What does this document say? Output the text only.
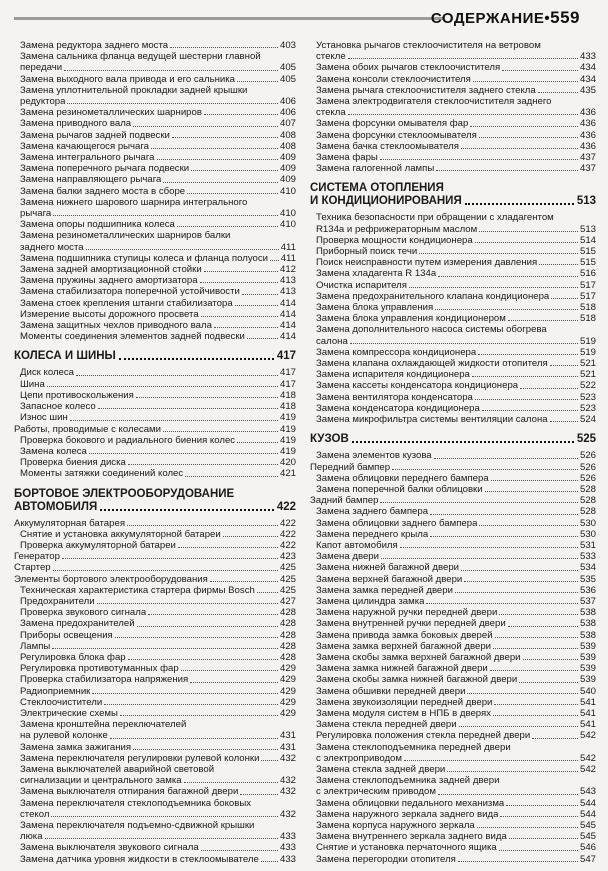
СОДЕРЖАНИЕ•559
Замена редуктора заднего моста	403
Замена сальника фланца ведущей шестерни главной
передачи	405
Замена выходного вала привода и его сальника	405
Замена уплотнительной прокладки задней крышки
редуктора	406
Замена резинометаллических шарниров	406
Замена приводного вала	407
Замена рычагов задней подвески	408
Замена качающегося рычага	408
Замена интегрального рычага	409
Замена поперечного рычага подвески	409
Замена направляющего рычага	409
Замена балки заднего моста в сборе	410
Замена нижнего шарового шарнира интегрального
рычага	410
Замена опоры подшипника колеса	410
Замена резинометаллических шарниров балки
заднего моста	411
Замена подшипника ступицы колеса и фланца полуоси 411
Замена задней амортизационной стойки	412
Замена пружины заднего амортизатора	413
Замена стабилизатора поперечной устойчивости	413
Замена стоек крепления штанги стабилизатора	414
Измерение высоты дорожного просвета	414
Замена защитных чехлов приводного вала	414
Моменты соединения элементов задней подвески	414
КОЛЕСА И ШИНЫ	417
Диск колеса	417
Шина	417
Цепи противоскольжения	418
Запасное колесо	418
Износ шин	419
Работы, проводимые с колесами	419
Проверка бокового и радиального биения колес	419
Замена колеса	419
Проверка биения диска	420
Моменты затяжки соединений колес	421
БОРТОВОЕ ЭЛЕКТРООБОРУДОВАНИЕ
АВТОМОБИЛЯ	422
Аккумуляторная батарея	422
Снятие и установка аккумуляторной батареи	422
Проверка аккумуляторной батареи	422
Генератор	423
Стартер	425
Элементы бортового электрооборудования	425
Техническая характеристика стартера фирмы Bosch	425
Предохранители	427
Проверка звукового сигнала	428
Замена предохранителей	428
Приборы освещения	428
Лампы	428
Регулировка блока фар	428
Регулировка противотуманных фар	429
Проверка стабилизатора напряжения	429
Радиоприемник	429
Стеклоочистители	429
Электрические схемы	429
Замена кронштейна переключателей
на рулевой колонке	431
Замена замка зажигания	431
Замена переключателя регулировки рулевой колонки 432
Замена выключателей аварийной световой
сигнализации и центрального замка	432
Замена выключателя отпирания багажной двери	432
Замена переключателя стеклоподъемника боковых
стекол	432
Замена переключателя подъемно-сдвижной крышки
люка	433
Замена выключателя звукового сигнала	433
Замена датчика уровня жидкости в стеклоомывателе 433
Установка рычагов стеклоочистителя на ветровом
стекле	433
Замена обоих рычагов стеклоочистителя	434
Замена консоли стеклоочистителя	434
Замена рычага стеклоочистителя заднего стекла	435
Замена электродвигателя стеклоочистителя заднего
стекла	436
Замена форсунки омывателя фар	436
Замена форсунки стеклоомывателя	436
Замена бачка стеклоомывателя	436
Замена фары	437
Замена галогенной лампы	437
СИСТЕМА ОТОПЛЕНИЯ
И КОНДИЦИОНИРОВАНИЯ	513
Техника безопасности при обращении с хладагентом
R134a и рефрижераторным маслом	513
Проверка мощности кондиционера	514
Приборный поиск течи	515
Поиск неисправности путем измерения давления	515
Замена хладагента R 134a	516
Очистка испарителя	517
Замена предохранительного клапана кондиционера	517
Замена блока управления	518
Замена блока управления кондиционером	518
Замена дополнительного насоса системы обогрева
салона	519
Замена компрессора кондиционера	519
Замена клапана охлаждающей жидкости отопителя	521
Замена испарителя кондиционера	521
Замена кассеты конденсатора кондиционера	522
Замена вентилятора конденсатора	523
Замена конденсатора кондиционера	523
Замена микрофильтра системы вентиляции салона	524
КУЗОВ	525
Замена элементов кузова	526
Передний бампер	526
Замена облицовки переднего бампера	526
Замена поперечной балки облицовки	528
Задний бампер	528
Замена заднего бампера	528
Замена облицовки заднего бампера	530
Замена переднего крыла	530
Капот автомобиля	531
Замена двери	533
Замена нижней багажной двери	534
Замена верхней багажной двери	535
Замена замка передней двери	536
Замена цилиндра замка	537
Замена наружной ручки передней двери	538
Замена внутренней ручки передней двери	538
Замена привода замка боковых дверей	538
Замена замка верхней багажной двери	539
Замена скобы замка верхней багажной двери	539
Замена замка нижней багажной двери	539
Замена скобы замка нижней багажной двери	539
Замена обшивки передней двери	540
Замена звукоизоляции передней двери	541
Замена модуля систем в НПБ в дверях	541
Замена стекла передней двери	541
Регулировка положения стекла передней двери	542
Замена стеклоподъемника передней двери
с электроприводом	542
Замена стекла задней двери	542
Замена стеклоподъемника задней двери
с электрическим приводом	543
Замена облицовки педального механизма	544
Замена наружного зеркала заднего вида	544
Замена корпуса наружного зеркала	545
Замена внутреннего зеркала заднего вида	545
Снятие и установка перчаточного ящика	546
Замена перегородки отопителя	547
